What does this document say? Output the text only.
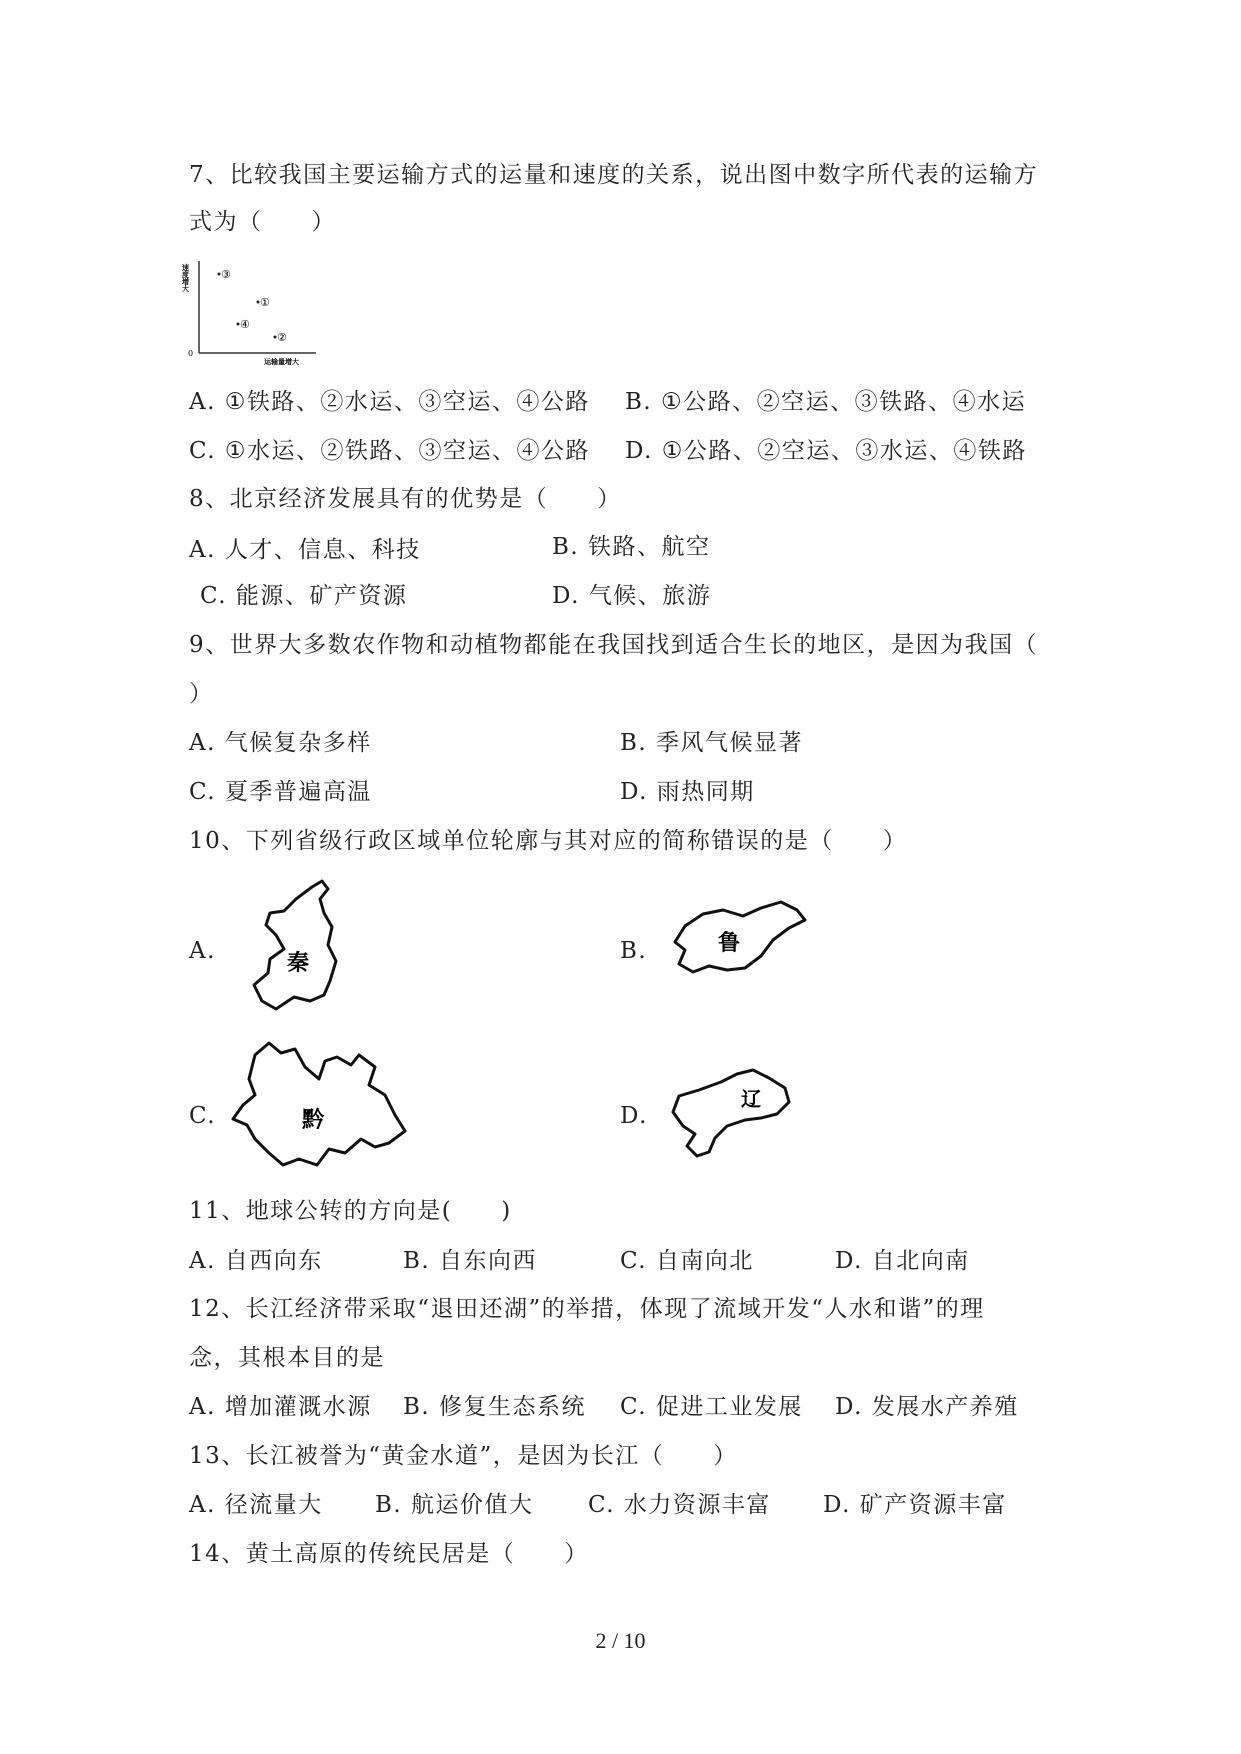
7、比较我国主要运输方式的运量和速度的关系，说出图中数字所代表的运输方
式为（　　）
0
速度增大
运输量增大
③
①
④
②
A. ①铁路、②水运、③空运、④公路 B. ①公路、②空运、③铁路、④水运
C. ①水运、②铁路、③空运、④公路 D. ①公路、②空运、③水运、④铁路
8、北京经济发展具有的优势是（　　）
A. 人才、信息、科技	B. 铁路、航空
C. 能源、矿产资源	D. 气候、旅游
9、世界大多数农作物和动植物都能在我国找到适合生长的地区，是因为我国（
）
A. 气候复杂多样	B. 季风气候显著
C. 夏季普遍高温	D. 雨热同期
10、下列省级行政区域单位轮廓与其对应的简称错误的是（　　）
A.	秦	B.	鲁
C.	黔	D.
辽
11、地球公转的方向是(　　)
A. 自西向东	B. 自东向西	C. 自南向北	D. 自北向南
12、长江经济带采取“退田还湖”的举措，体现了流域开发“人水和谐”的理
念，其根本目的是
A. 增加灌溉水源 B. 修复生态系统 C. 促进工业发展 D. 发展水产养殖
13、长江被誉为“黄金水道”，是因为长江（　　）
A. 径流量大 B. 航运价值大 C. 水力资源丰富 D. 矿产资源丰富
14、黄土高原的传统民居是（　　）
2 / 10
